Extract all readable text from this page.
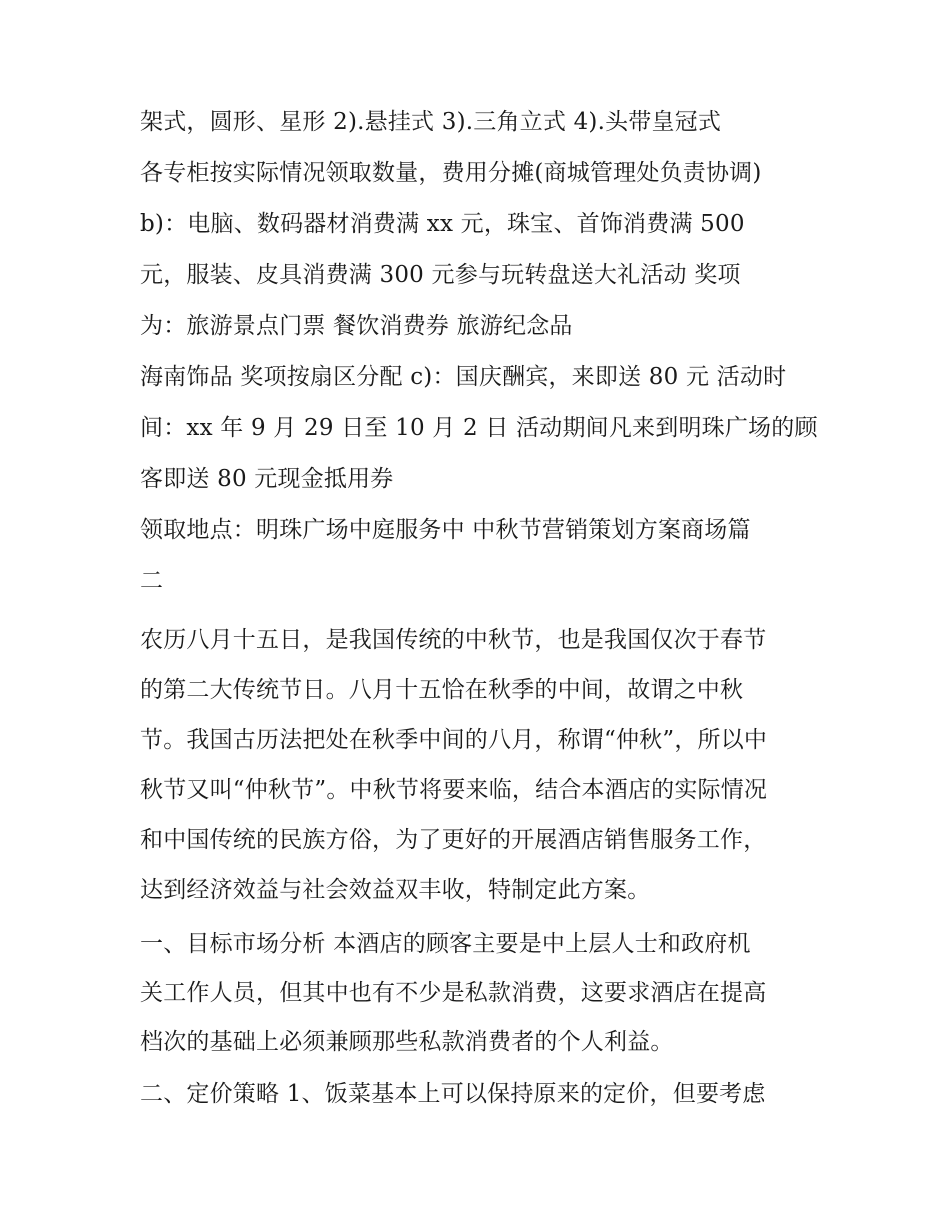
架式，圆形、星形 2).悬挂式 3).三角立式 4).头带皇冠式
各专柜按实际情况领取数量，费用分摊(商城管理处负责协调)
b)：电脑、数码器材消费满 xx 元，珠宝、首饰消费满 500
元，服装、皮具消费满 300 元参与玩转盘送大礼活动 奖项
为：旅游景点门票 餐饮消费券 旅游纪念品
海南饰品 奖项按扇区分配 c)：国庆酬宾，来即送 80 元 活动时
间：xx 年 9 月 29 日至 10 月 2 日 活动期间凡来到明珠广场的顾
客即送 80 元现金抵用券
领取地点：明珠广场中庭服务中 中秋节营销策划方案商场篇
二
农历八月十五日，是我国传统的中秋节，也是我国仅次于春节
的第二大传统节日。八月十五恰在秋季的中间，故谓之中秋
节。我国古历法把处在秋季中间的八月，称谓“仲秋”，所以中
秋节又叫“仲秋节”。中秋节将要来临，结合本酒店的实际情况
和中国传统的民族方俗，为了更好的开展酒店销售服务工作，
达到经济效益与社会效益双丰收，特制定此方案。
一、目标市场分析 本酒店的顾客主要是中上层人士和政府机
关工作人员，但其中也有不少是私款消费，这要求酒店在提高
档次的基础上必须兼顾那些私款消费者的个人利益。
二、定价策略 1、饭菜基本上可以保持原来的定价，但要考虑
